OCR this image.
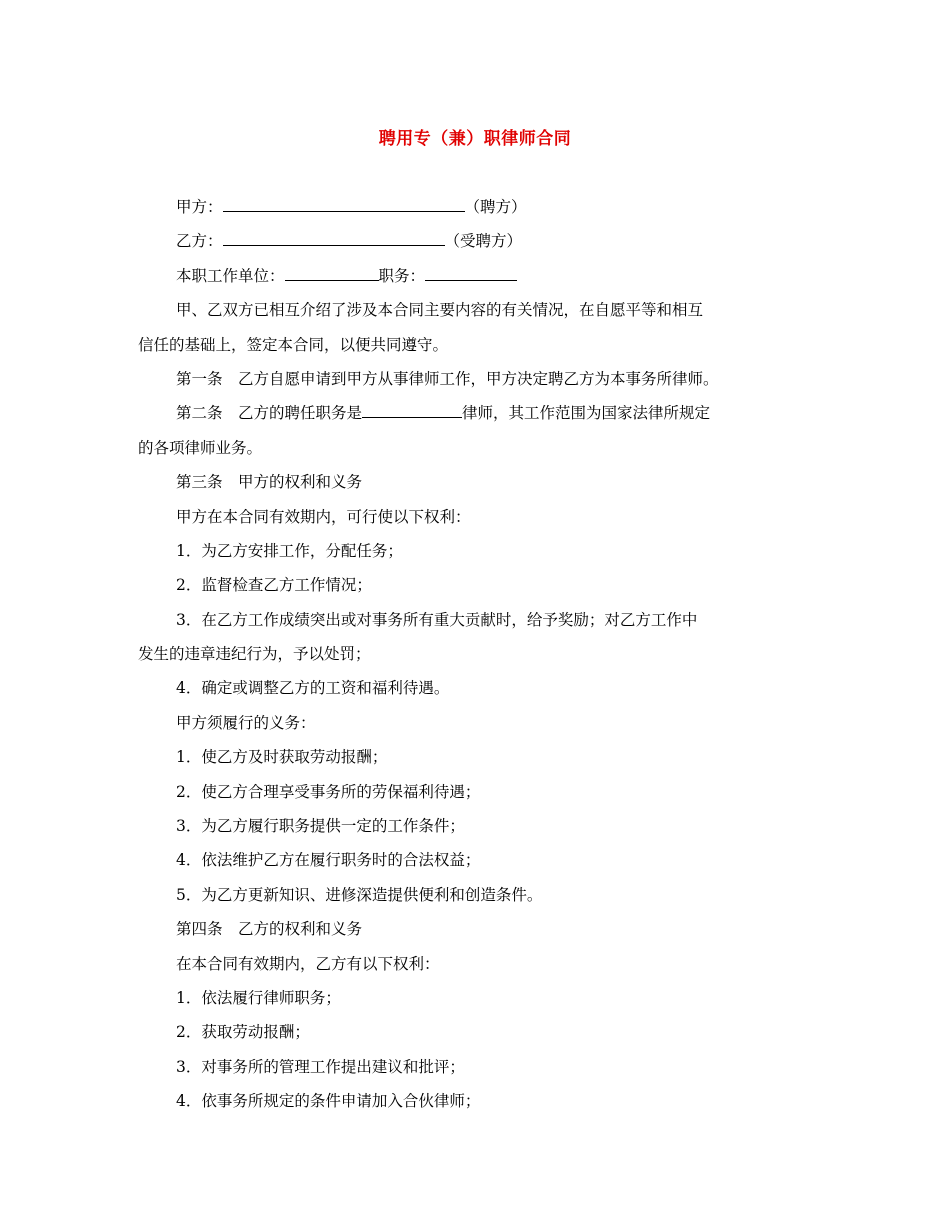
聘用专（兼）职律师合同
甲方：	（聘方）
乙方：	（受聘方）
本职工作单位：	职务：
甲、乙双方已相互介绍了涉及本合同主要内容的有关情况，在自愿平等和相互
信任的基础上，签定本合同，以便共同遵守。
第一条　乙方自愿申请到甲方从事律师工作，甲方决定聘乙方为本事务所律师。
第二条　乙方的聘任职务是	律师，其工作范围为国家法律所规定
的各项律师业务。
第三条　甲方的权利和义务
甲方在本合同有效期内，可行使以下权利：
1．为乙方安排工作，分配任务；
2．监督检查乙方工作情况；
3．在乙方工作成绩突出或对事务所有重大贡献时，给予奖励；对乙方工作中
发生的违章违纪行为，予以处罚；
4．确定或调整乙方的工资和福利待遇。
甲方须履行的义务：
1．使乙方及时获取劳动报酬；
2．使乙方合理享受事务所的劳保福利待遇；
3．为乙方履行职务提供一定的工作条件；
4．依法维护乙方在履行职务时的合法权益；
5．为乙方更新知识、进修深造提供便利和创造条件。
第四条　乙方的权利和义务
在本合同有效期内，乙方有以下权利：
1．依法履行律师职务；
2．获取劳动报酬；
3．对事务所的管理工作提出建议和批评；
4．依事务所规定的条件申请加入合伙律师；
